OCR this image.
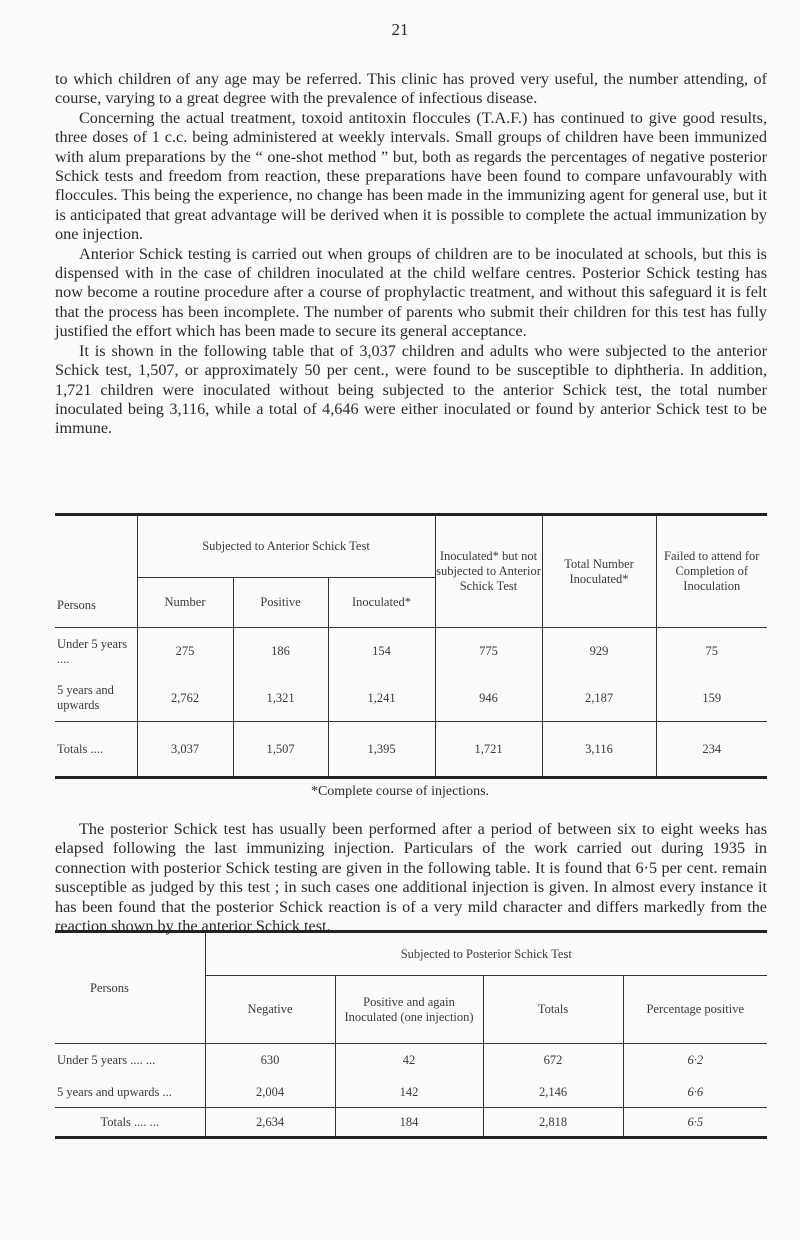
21

to which children of any age may be referred. This clinic has proved very useful, the number attending, of course, varying to a great degree with the prevalence of infectious disease.

Concerning the actual treatment, toxoid antitoxin floccules (T.A.F.) has continued to give good results, three doses of 1 c.c. being administered at weekly intervals. Small groups of children have been immunized with alum preparations by the “ one-shot method ” but, both as regards the percentages of negative posterior Schick tests and freedom from reaction, these preparations have been found to compare unfavourably with floccules. This being the experience, no change has been made in the immunizing agent for general use, but it is anticipated that great advantage will be derived when it is possible to complete the actual immunization by one injection.

Anterior Schick testing is carried out when groups of children are to be inoculated at schools, but this is dispensed with in the case of children inoculated at the child welfare centres. Posterior Schick testing has now become a routine procedure after a course of prophylactic treatment, and without this safeguard it is felt that the process has been incomplete. The number of parents who submit their children for this test has fully justified the effort which has been made to secure its general acceptance.

It is shown in the following table that of 3,037 children and adults who were subjected to the anterior Schick test, 1,507, or approximately 50 per cent., were found to be susceptible to diphtheria. In addition, 1,721 children were inoculated without being subjected to the anterior Schick test, the total number inoculated being 3,116, while a total of 4,646 were either inoculated or found by anterior Schick test to be immune.

Persons	Subjected to Anterior Schick Test			Inoculated* but not subjected to Anterior Schick Test	Total Number Inoculated*	Failed to attend for Completion of Inoculation
	Number	Positive	Inoculated*			
Under 5 years ....	275	186	154	775	929	75
5 years and upwards	2,762	1,321	1,241	946	2,187	159
Totals ....	3,037	1,507	1,395	1,721	3,116	234
*Complete course of injections.

The posterior Schick test has usually been performed after a period of between six to eight weeks has elapsed following the last immunizing injection. Particulars of the work carried out during 1935 in connection with posterior Schick testing are given in the following table. It is found that 6·5 per cent. remain susceptible as judged by this test ; in such cases one additional injection is given. In almost every instance it has been found that the posterior Schick reaction is of a very mild character and differs markedly from the reaction shown by the anterior Schick test.

Persons	Subjected to Posterior Schick Test			
	Negative	Positive and again Inoculated (one injection)	Totals	Percentage positive
Under 5 years .... ...	630	42	672	6·2
5 years and upwards ...	2,004	142	2,146	6·6
Totals .... ...	2,634	184	2,818	6·5
